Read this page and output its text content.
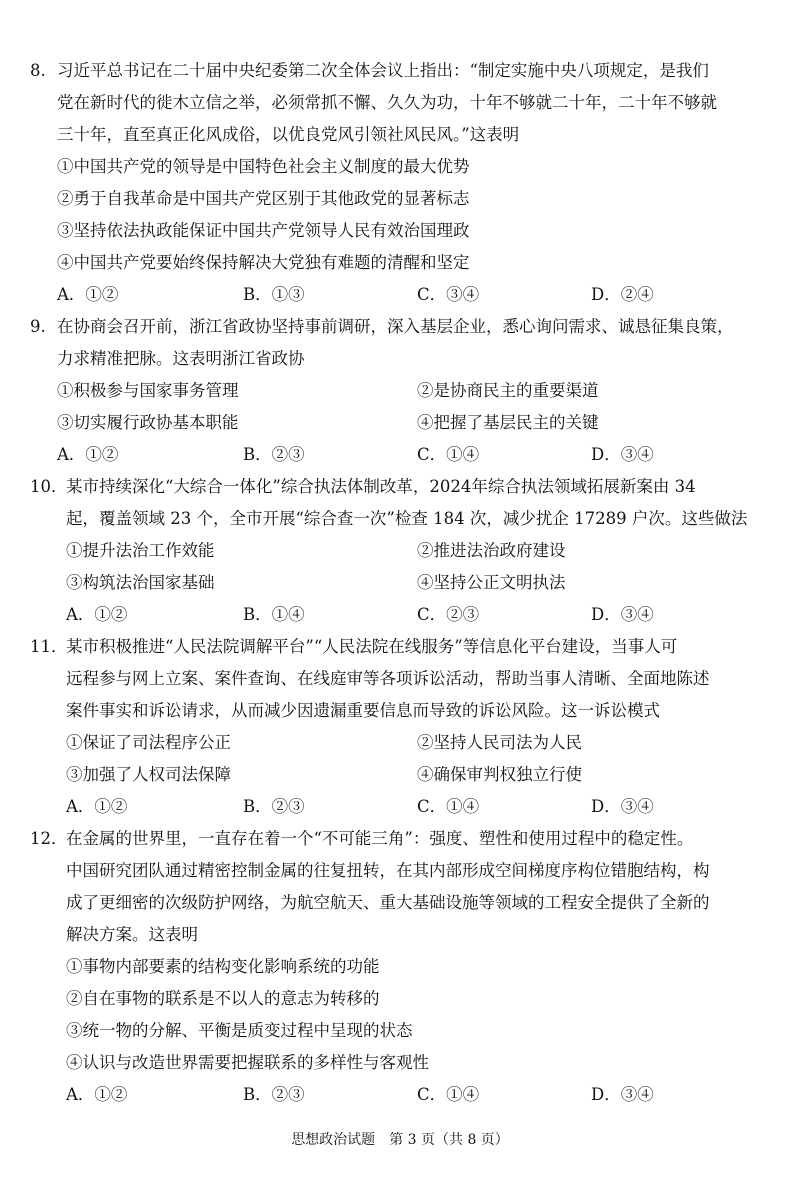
8. 习近平总书记在二十届中央纪委第二次全体会议上指出：“制定实施中央八项规定，是我们
党在新时代的徙木立信之举，必须常抓不懈、久久为功，十年不够就二十年，二十年不够就
三十年，直至真正化风成俗，以优良党风引领社风民风。”这表明
①中国共产党的领导是中国特色社会主义制度的最大优势
②勇于自我革命是中国共产党区别于其他政党的显著标志
③坚持依法执政能保证中国共产党领导人民有效治国理政
④中国共产党要始终保持解决大党独有难题的清醒和坚定
A．①②	B．①③	C．③④	D．②④
9. 在协商会召开前，浙江省政协坚持事前调研，深入基层企业，悉心询问需求、诚恳征集良策，
力求精准把脉。这表明浙江省政协
①积极参与国家事务管理	②是协商民主的重要渠道
③切实履行政协基本职能	④把握了基层民主的关键
A．①②	B．②③	C．①④	D．③④
10．
某市持续深化“大综合一体化”综合执法体制改革，2024年综合执法领域拓展新案由 34
起，覆盖领域 23 个，全市开展“综合查一次”检查 184 次，减少扰企 17289 户次。这些做法
①提升法治工作效能	②推进法治政府建设
③构筑法治国家基础	④坚持公正文明执法
A．①②	B．①④	C．②③	D．③④
11．
某市积极推进“人民法院调解平台”“人民法院在线服务”等信息化平台建设，当事人可
远程参与网上立案、案件查询、在线庭审等各项诉讼活动，帮助当事人清晰、全面地陈述
案件事实和诉讼请求，从而减少因遗漏重要信息而导致的诉讼风险。这一诉讼模式
①保证了司法程序公正	②坚持人民司法为人民
③加强了人权司法保障	④确保审判权独立行使
A．①②	B．②③	C．①④	D．③④
12．
在金属的世界里，一直存在着一个“不可能三角”：强度、塑性和使用过程中的稳定性。
中国研究团队通过精密控制金属的往复扭转，在其内部形成空间梯度序构位错胞结构，构
成了更细密的次级防护网络，为航空航天、重大基础设施等领域的工程安全提供了全新的
解决方案。这表明
①事物内部要素的结构变化影响系统的功能
②自在事物的联系是不以人的意志为转移的
③统一物的分解、平衡是质变过程中呈现的状态
④认识与改造世界需要把握联系的多样性与客观性
A．①②	B．②③	C．①④	D．③④
思想政治试题　第 3 页（共 8 页）
